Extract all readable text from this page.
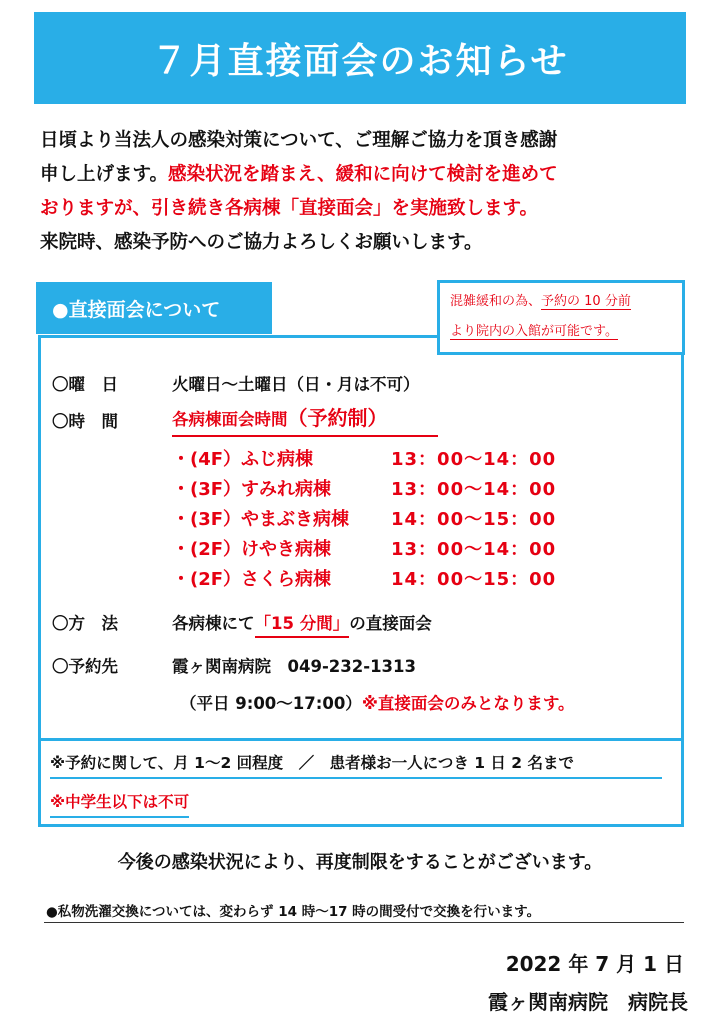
７月直接面会のお知らせ
日頃より当法人の感染対策について、ご理解ご協力を頂き感謝
申し上げます。感染状況を踏まえ、緩和に向けて検討を進めて
おりますが、引き続き各病棟「直接面会」を実施致します。
来院時、感染予防へのご協力よろしくお願いします。
●直接面会について	混雑緩和の為、予約の 10 分前
より院内の入館が可能です。
〇曜　日	火曜日～土曜日（日・月は不可）
〇時　間	各病棟面会時間（予約制）
・(4F）ふじ病棟	13：00～14：00
・(3F）すみれ病棟	13：00～14：00
・(3F）やまぶき病棟 14：00～15：00
・(2F）けやき病棟	13：00～14：00
・(2F）さくら病棟	14：00～15：00
〇方　法	各病棟にて「15 分間」の直接面会
〇予約先	霞ヶ関南病院　049-232-1313
（平日 9:00～17:00）※直接面会のみとなります。
※予約に関して、月 1～2 回程度　／　患者様お一人につき 1 日 2 名まで
※中学生以下は不可
今後の感染状況により、再度制限をすることがございます。
●私物洗濯交換については、変わらず 14 時～17 時の間受付で交換を行います。
2022 年 7 月 1 日
霞ヶ関南病院　病院長
